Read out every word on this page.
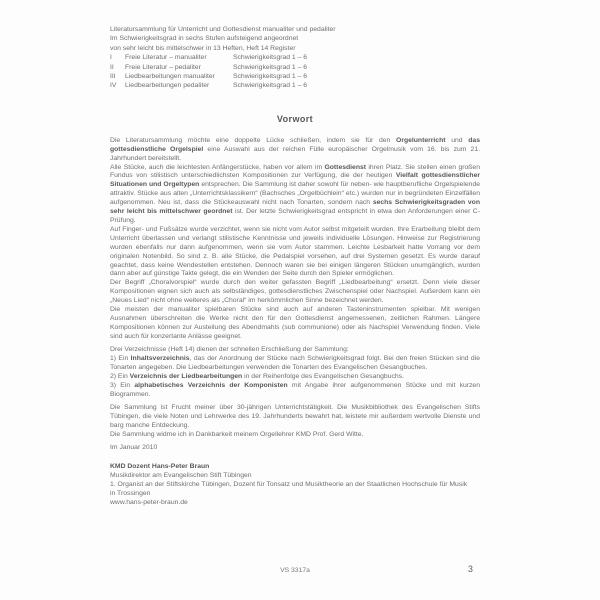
Literatursammlung für Unterricht und Gottesdienst manualiter und pedaliter
Im Schwierigkeitsgrad in sechs Stufen aufsteigend angeordnet
von sehr leicht bis mittelschwer in 13 Heften, Heft 14 Register
I	Freie Literatur – manualiter	Schwierigkeitsgrad 1 – 6
II	Freie Literatur – pedaliter	Schwierigkeitsgrad 1 – 6
III	Liedbearbeitungen manualiter	Schwierigkeitsgrad 1 – 6
IV	Liedbearbeitungen pedaliter	Schwierigkeitsgrad 1 – 6
Vorwort

Die Literatursammlung möchte eine doppelte Lücke schließen, indem sie für den Orgelunterricht und das gottesdienstliche Orgelspiel eine Auswahl aus der reichen Fülle europäischer Orgelmusik vom 16. bis zum 21. Jahrhundert bereitstellt.

Alle Stücke, auch die leichtesten Anfängerstücke, haben vor allem im Gottesdienst ihren Platz. Sie stellen einen großen Fundus von stilistisch unterschiedlichsten Kompositionen zur Verfügung, die der heutigen Vielfalt gottesdienstlicher Situationen und Orgeltypen entsprechen. Die Sammlung ist daher sowohl für neben- wie hauptberufliche Orgelspielende attraktiv. Stücke aus alten „Unterrichtsklassikern“ (Bachsches „Orgelbüchlein“ etc.) wurden nur in begründeten Einzelfällen aufgenommen. Neu ist, dass die Stückeauswahl nicht nach Tonarten, sondern nach sechs Schwierigkeitsgraden von sehr leicht bis mittelschwer geordnet ist. Der letzte Schwierigkeitsgrad entspricht in etwa den Anforderungen einer C-Prüfung.

Auf Finger- und Fußsätze wurde verzichtet, wenn sie nicht vom Autor selbst mitgeteilt wurden. Ihre Erarbeitung bleibt dem Unterricht überlassen und verlangt stilistische Kenntnisse und jeweils individuelle Lösungen. Hinweise zur Registrierung wurden ebenfalls nur dann aufgenommen, wenn sie vom Autor stammen. Leichte Lesbarkeit hatte Vorrang vor dem originalen Notenbild. So sind z. B. alle Stücke, die Pedalspiel vorsehen, auf drei Systemen gesetzt. Es wurde darauf geachtet, dass keine Wendestellen entstehen. Dennoch waren sie bei einigen längeren Stücken unumgänglich, wurden dann aber auf günstige Takte gelegt, die ein Wenden der Seite durch den Spieler ermöglichen.

Der Begriff „Choralvorspiel“ wurde durch den weiter gefassten Begriff „Liedbearbeitung“ ersetzt. Denn viele dieser Kompositionen eignen sich auch als selbständiges, gottesdienstliches Zwischenspiel oder Nachspiel. Außerdem kann ein „Neues Lied“ nicht ohne weiteres als „Choral“ im herkömmlichen Sinne bezeichnet werden.

Die meisten der manualiter spielbaren Stücke sind auch auf anderen Tasteninstrumenten spielbar. Mit wenigen Ausnahmen überschreiten die Werke nicht den für den Gottesdienst angemessenen, zeitlichen Rahmen. Längere Kompositionen können zur Austeilung des Abendmahls (sub communione) oder als Nachspiel Verwendung finden. Viele sind auch für konzertante Anlässe geeignet.

Drei Verzeichnisse (Heft 14) dienen der schnellen Erschließung der Sammlung:

1) Ein Inhaltsverzeichnis, das der Anordnung der Stücke nach Schwierigkeitsgrad folgt. Bei den freien Stücken sind die Tonarten angegeben. Die Liedbearbeitungen verwenden die Tonarten des Evangelischen Gesangbuches.

2) Ein Verzeichnis der Liedbearbeitungen in der Reihenfolge des Evangelischen Gesangbuchs.

3) Ein alphabetisches Verzeichnis der Komponisten mit Angabe ihrer aufgenommenen Stücke und mit kurzen Biogrammen.

Die Sammlung ist Frucht meiner über 30-jährigen Unterrichtstätigkeit. Die Musikbibliothek des Evangelischen Stifts Tübingen, die viele Noten und Lehrwerke des 19. Jahrhunderts bewahrt hat, leistete mir außerdem wertvolle Dienste und barg manche Entdeckung.

Die Sammlung widme ich in Dankbarkeit meinem Orgellehrer KMD Prof. Gerd Witte.

Im Januar 2010

KMD Dozent Hans-Peter Braun
Musikdirektor am Evangelischen Stift Tübingen
1. Organist an der Stiftskirche Tübingen, Dozent für Tonsatz und Musiktheorie an der Staatlichen Hochschule für Musik
in Trossingen
www.hans-peter-braun.de
VS 3317a	3
